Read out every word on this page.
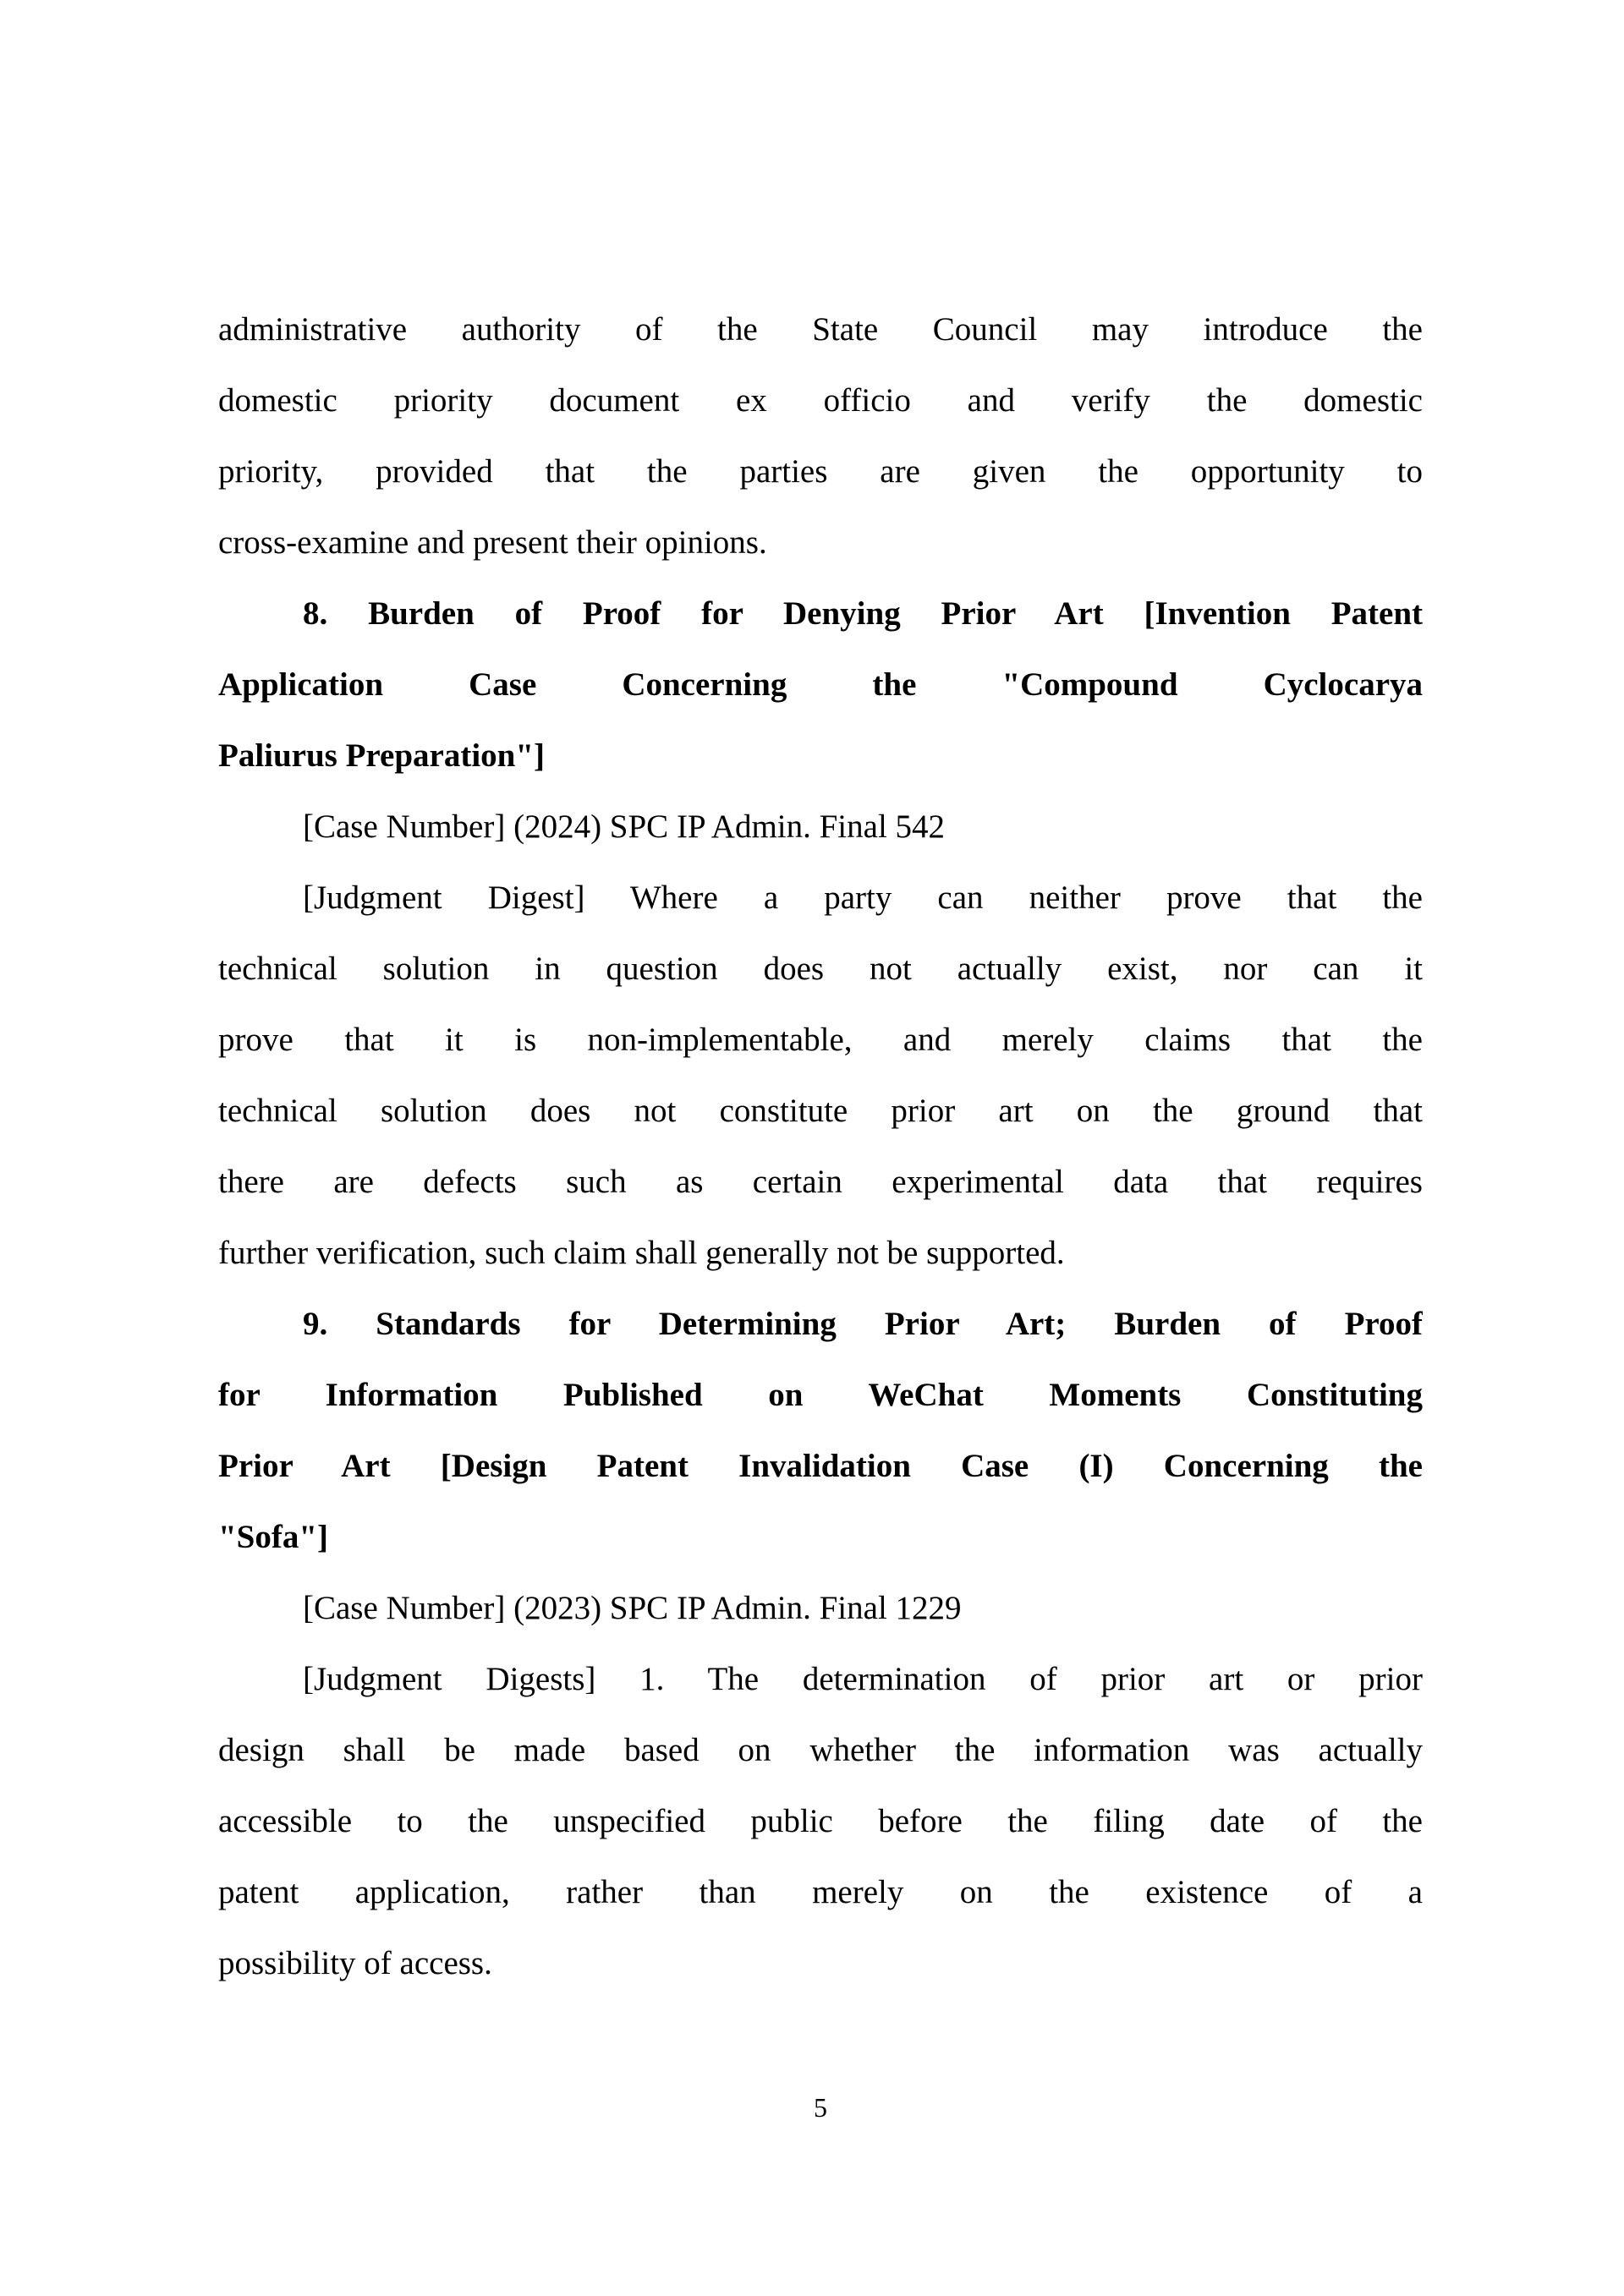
administrative authority of the State Council may introduce the
domestic priority document ex officio and verify the domestic
priority, provided that the parties are given the opportunity to
cross-examine and present their opinions.
8. Burden of Proof for Denying Prior Art [Invention Patent
Application Case Concerning the "Compound Cyclocarya
Paliurus Preparation"]
[Case Number] (2024) SPC IP Admin. Final 542
[Judgment Digest] Where a party can neither prove that the
technical solution in question does not actually exist, nor can it
prove that it is non-implementable, and merely claims that the
technical solution does not constitute prior art on the ground that
there are defects such as certain experimental data that requires
further verification, such claim shall generally not be supported.
9. Standards for Determining Prior Art; Burden of Proof
for Information Published on WeChat Moments Constituting
Prior Art [Design Patent Invalidation Case (I) Concerning the
"Sofa"]
[Case Number] (2023) SPC IP Admin. Final 1229
[Judgment Digests] 1. The determination of prior art or prior
design shall be made based on whether the information was actually
accessible to the unspecified public before the filing date of the
patent application, rather than merely on the existence of a
possibility of access.
5
